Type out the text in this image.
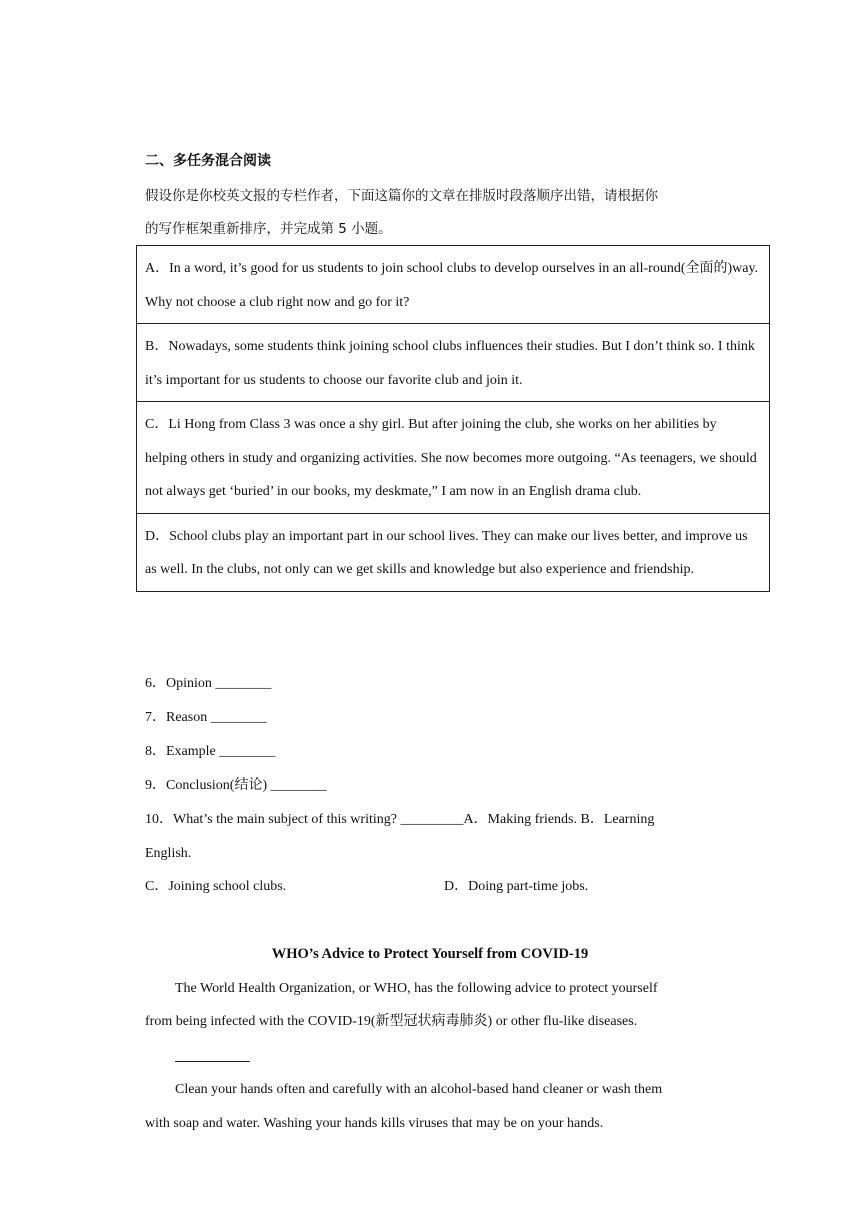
二、多任务混合阅读
假设你是你校英文报的专栏作者，下面这篇你的文章在排版时段落顺序出错，请根据你
的写作框架重新排序，并完成第 5 小题。
A．In a word, it’s good for us students to join school clubs to develop ourselves in an all-round(全面的)way. Why not choose a club right now and go for it?
B．Nowadays, some students think joining school clubs influences their studies. But I don’t think so. I think it’s important for us students to choose our favorite club and join it.
C．Li Hong from Class 3 was once a shy girl. But after joining the club, she works on her abilities by helping others in study and organizing activities. She now becomes more outgoing. “As teenagers, we should not always get ‘buried’ in our books, my deskmate,” I am now in an English drama club.
D．School clubs play an important part in our school lives. They can make our lives better, and improve us as well. In the clubs, not only can we get skills and knowledge but also experience and friendship.
6．Opinion ________
7．Reason ________
8．Example ________
9．Conclusion(结论) ________
10．What’s the main subject of this writing? _________A．Making friends. B．Learning
English.
C．Joining school clubs.	D．Doing part-time jobs.
WHO’s Advice to Protect Yourself from COVID-19
The World Health Organization, or WHO, has the following advice to protect yourself
from being infected with the COVID-19(新型冠状病毒肺炎) or other flu-like diseases.
Clean your hands often and carefully with an alcohol-based hand cleaner or wash them
with soap and water. Washing your hands kills viruses that may be on your hands.
